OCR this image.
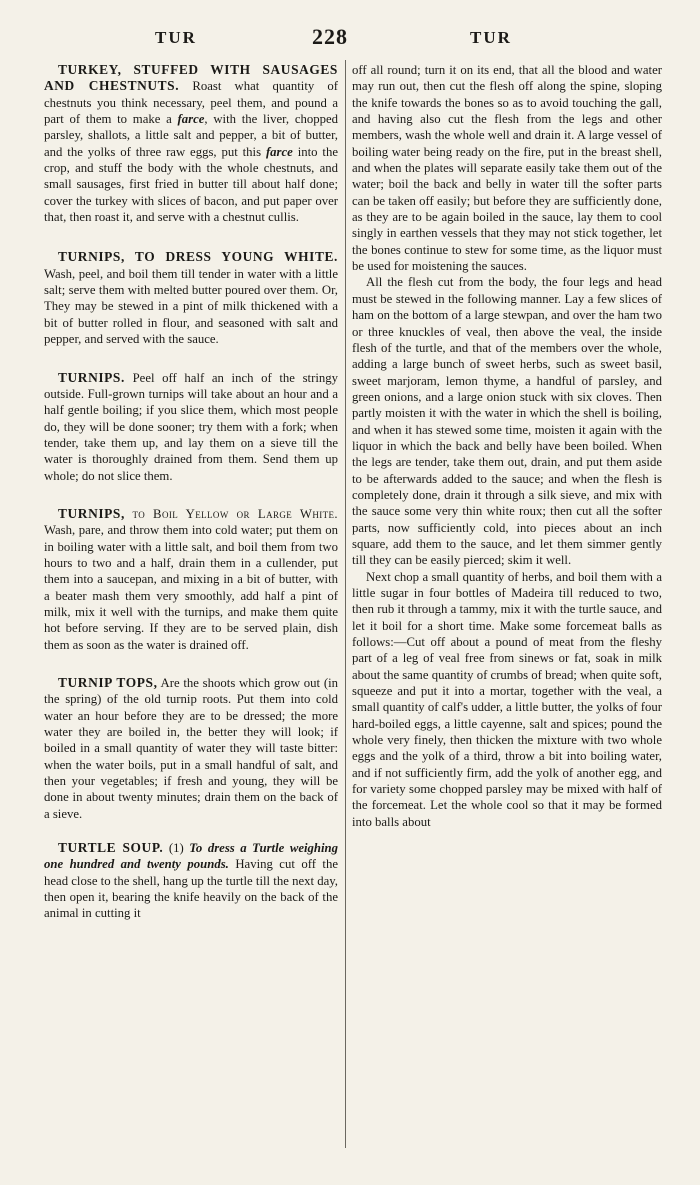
TUR	228	TUR

TURKEY, STUFFED WITH SAUSAGES AND CHESTNUTS. Roast what quantity of chestnuts you think necessary, peel them, and pound a part of them to make a farce, with the liver, chopped parsley, shallots, a little salt and pepper, a bit of butter, and the yolks of three raw eggs, put this farce into the crop, and stuff the body with the whole chestnuts, and small sausages, first fried in butter till about half done; cover the turkey with slices of bacon, and put paper over that, then roast it, and serve with a chestnut cullis.

TURNIPS, TO DRESS YOUNG WHITE. Wash, peel, and boil them till tender in water with a little salt; serve them with melted butter poured over them. Or, They may be stewed in a pint of milk thickened with a bit of butter rolled in flour, and seasoned with salt and pepper, and served with the sauce.

TURNIPS. Peel off half an inch of the stringy outside. Full-grown turnips will take about an hour and a half gentle boiling; if you slice them, which most people do, they will be done sooner; try them with a fork; when tender, take them up, and lay them on a sieve till the water is thoroughly drained from them. Send them up whole; do not slice them.

TURNIPS, to Boil Yellow or Large White. Wash, pare, and throw them into cold water; put them on in boiling water with a little salt, and boil them from two hours to two and a half, drain them in a cullender, put them into a saucepan, and mixing in a bit of butter, with a beater mash them very smoothly, add half a pint of milk, mix it well with the turnips, and make them quite hot before serving. If they are to be served plain, dish them as soon as the water is drained off.

TURNIP TOPS, Are the shoots which grow out (in the spring) of the old turnip roots. Put them into cold water an hour before they are to be dressed; the more water they are boiled in, the better they will look; if boiled in a small quantity of water they will taste bitter: when the water boils, put in a small handful of salt, and then your vegetables; if fresh and young, they will be done in about twenty minutes; drain them on the back of a sieve.

TURTLE SOUP. (1) To dress a Turtle weighing one hundred and twenty pounds. Having cut off the head close to the shell, hang up the turtle till the next day, then open it, bearing the knife heavily on the back of the animal in cutting it

off all round; turn it on its end, that all the blood and water may run out, then cut the flesh off along the spine, sloping the knife towards the bones so as to avoid touching the gall, and having also cut the flesh from the legs and other members, wash the whole well and drain it. A large vessel of boiling water being ready on the fire, put in the breast shell, and when the plates will separate easily take them out of the water; boil the back and belly in water till the softer parts can be taken off easily; but before they are sufficiently done, as they are to be again boiled in the sauce, lay them to cool singly in earthen vessels that they may not stick together, let the bones continue to stew for some time, as the liquor must be used for moistening the sauces.

All the flesh cut from the body, the four legs and head must be stewed in the following manner. Lay a few slices of ham on the bottom of a large stewpan, and over the ham two or three knuckles of veal, then above the veal, the inside flesh of the turtle, and that of the members over the whole, adding a large bunch of sweet herbs, such as sweet basil, sweet marjoram, lemon thyme, a handful of parsley, and green onions, and a large onion stuck with six cloves. Then partly moisten it with the water in which the shell is boiling, and when it has stewed some time, moisten it again with the liquor in which the back and belly have been boiled. When the legs are tender, take them out, drain, and put them aside to be afterwards added to the sauce; and when the flesh is completely done, drain it through a silk sieve, and mix with the sauce some very thin white roux; then cut all the softer parts, now sufficiently cold, into pieces about an inch square, add them to the sauce, and let them simmer gently till they can be easily pierced; skim it well.

Next chop a small quantity of herbs, and boil them with a little sugar in four bottles of Madeira till reduced to two, then rub it through a tammy, mix it with the turtle sauce, and let it boil for a short time. Make some forcemeat balls as follows:—Cut off about a pound of meat from the fleshy part of a leg of veal free from sinews or fat, soak in milk about the same quantity of crumbs of bread; when quite soft, squeeze and put it into a mortar, together with the veal, a small quantity of calf's udder, a little butter, the yolks of four hard-boiled eggs, a little cayenne, salt and spices; pound the whole very finely, then thicken the mixture with two whole eggs and the yolk of a third, throw a bit into boiling water, and if not sufficiently firm, add the yolk of another egg, and for variety some chopped parsley may be mixed with half of the forcemeat. Let the whole cool so that it may be formed into balls about
